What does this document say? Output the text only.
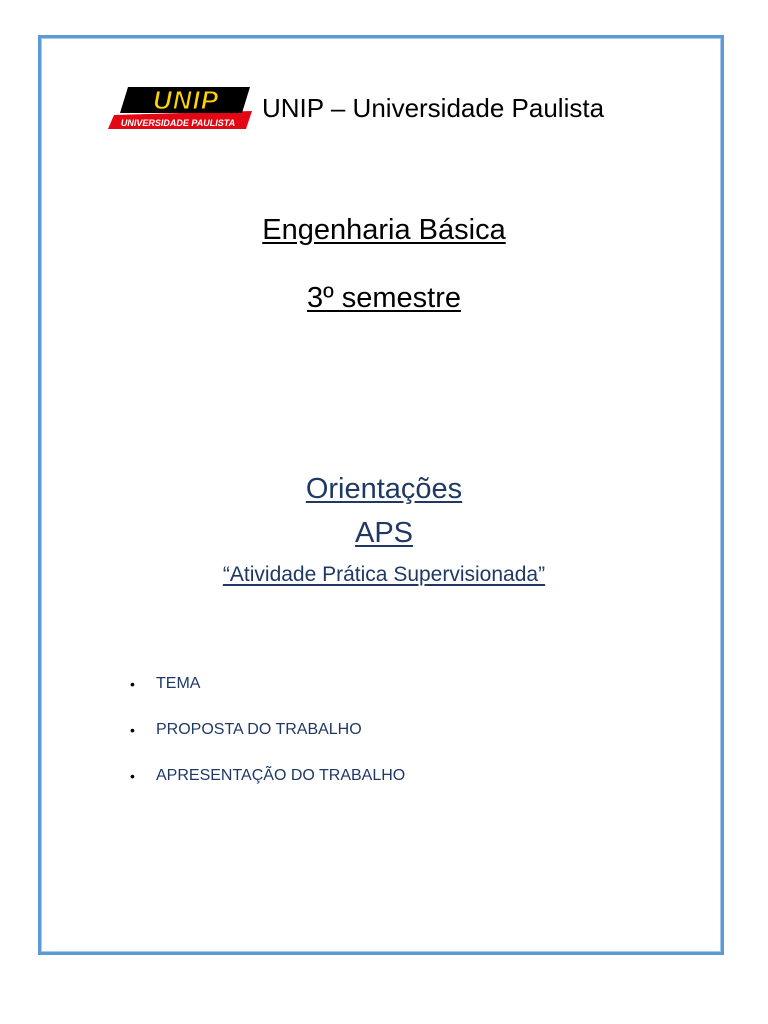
UNIP
UNIVERSIDADE PAULISTA
UNIP – Universidade Paulista
Engenharia Básica
3º semestre
Orientações
APS
“Atividade Prática Supervisionada”
•	TEMA
•	PROPOSTA DO TRABALHO
•	APRESENTAÇÃO DO TRABALHO
